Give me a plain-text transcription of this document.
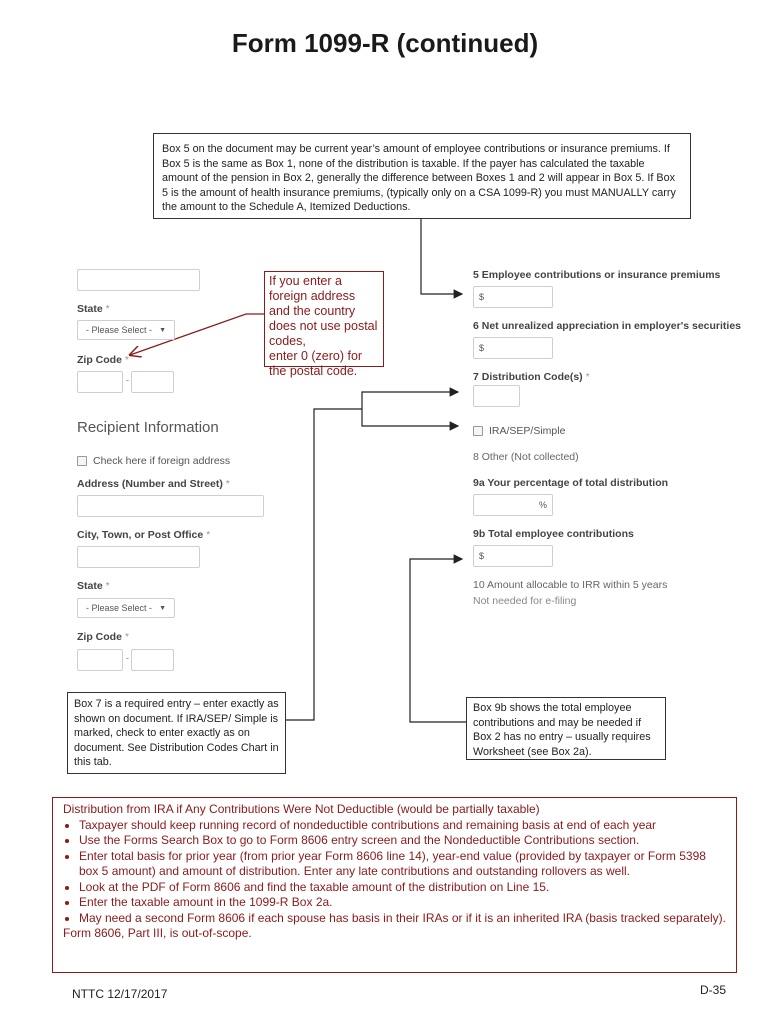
Form 1099-R (continued)
Box 5 on the document may be current year’s amount of employee contributions or insurance premiums. If Box 5 is the same as Box 1, none of the distribution is taxable. If the payer has calculated the taxable amount of the pension in Box 2, generally the difference between Boxes 1 and 2 will appear in Box 5. If Box 5 is the amount of health insurance premiums, (typically only on a CSA 1099-R) you must MANUALLY carry the amount to the Schedule A, Itemized Deductions.
State *
- Please Select - ▼
Zip Code *
-
Recipient Information
Check here if foreign address
Address (Number and Street) *
City, Town, or Post Office *
State *
- Please Select - ▼
Zip Code *
-
If you enter a foreign address and the country does not use postal codes,
enter 0 (zero) for the postal code.
5 Employee contributions or insurance premiums
$
6 Net unrealized appreciation in employer's securities
$
7 Distribution Code(s) *
IRA/SEP/Simple
8 Other (Not collected)
9a Your percentage of total distribution
%
9b Total employee contributions
$
10 Amount allocable to IRR within 5 years
Not needed for e-filing
Box 7 is a required entry – enter exactly as shown on document. If IRA/SEP/ Simple is marked, check to enter exactly as on document. See Distribution Codes Chart in this tab.
Box 9b shows the total employee contributions and may be needed if Box 2 has no entry – usually requires Worksheet (see Box 2a).
Distribution from IRA if Any Contributions Were Not Deductible (would be partially taxable)
• Taxpayer should keep running record of nondeductible contributions and remaining basis at end of each year
• Use the Forms Search Box to go to Form 8606 entry screen and the Nondeductible Contributions section.
• Enter total basis for prior year (from prior year Form 8606 line 14), year-end value (provided by taxpayer or Form 5398 box 5 amount) and amount of distribution. Enter any late contributions and outstanding rollovers as well.
• Look at the PDF of Form 8606 and find the taxable amount of the distribution on Line 15.
• Enter the taxable amount in the 1099-R Box 2a.
• May need a second Form 8606 if each spouse has basis in their IRAs or if it is an inherited IRA (basis tracked separately).
Form 8606, Part III, is out-of-scope.
NTTC 12/17/2017	D-35
